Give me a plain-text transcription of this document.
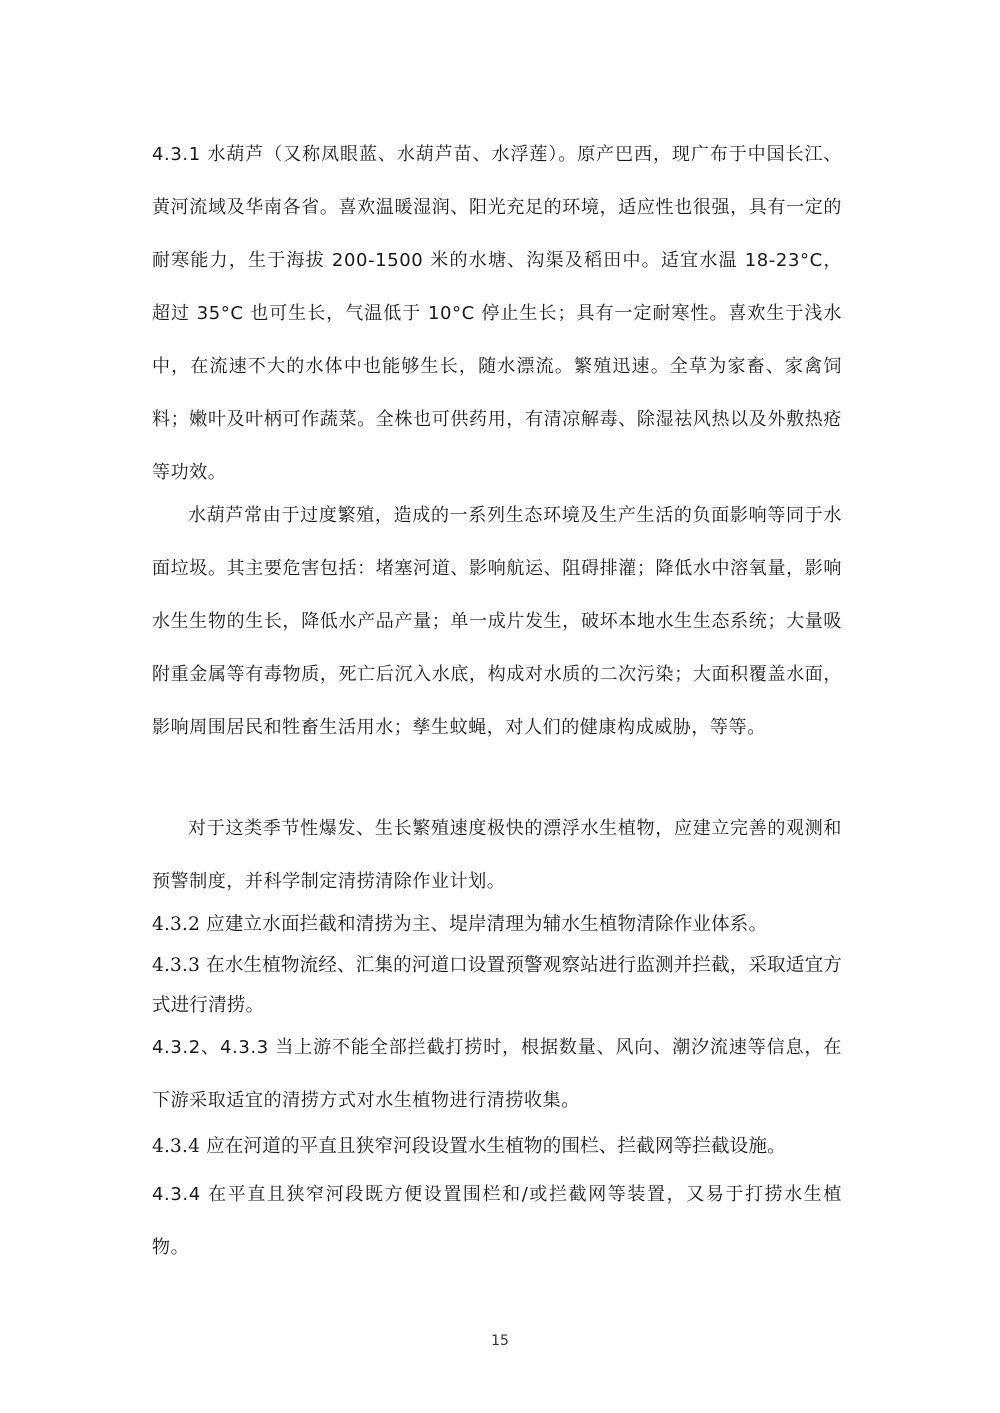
4.3.1 水葫芦（又称凤眼蓝、水葫芦苗、水浮莲）。原产巴西，现广布于中国长江、黄河流域及华南各省。喜欢温暖湿润、阳光充足的环境，适应性也很强，具有一定的耐寒能力，生于海拔 200-1500 米的水塘、沟渠及稻田中。适宜水温 18-23°C，超过 35°C 也可生长，气温低于 10°C 停止生长；具有一定耐寒性。喜欢生于浅水中，在流速不大的水体中也能够生长，随水漂流。繁殖迅速。全草为家畜、家禽饲料；嫩叶及叶柄可作蔬菜。全株也可供药用，有清凉解毒、除湿祛风热以及外敷热疮等功效。

水葫芦常由于过度繁殖，造成的一系列生态环境及生产生活的负面影响等同于水面垃圾。其主要危害包括：堵塞河道、影响航运、阻碍排灌；降低水中溶氧量，影响水生生物的生长，降低水产品产量；单一成片发生，破坏本地水生生态系统；大量吸附重金属等有毒物质，死亡后沉入水底，构成对水质的二次污染；大面积覆盖水面，影响周围居民和牲畜生活用水；孳生蚊蝇，对人们的健康构成威胁，等等。

对于这类季节性爆发、生长繁殖速度极快的漂浮水生植物，应建立完善的观测和预警制度，并科学制定清捞清除作业计划。

4.3.2 应建立水面拦截和清捞为主、堤岸清理为辅水生植物清除作业体系。

4.3.3 在水生植物流经、汇集的河道口设置预警观察站进行监测并拦截，采取适宜方式进行清捞。

4.3.2、4.3.3 当上游不能全部拦截打捞时，根据数量、风向、潮汐流速等信息，在下游采取适宜的清捞方式对水生植物进行清捞收集。

4.3.4 应在河道的平直且狭窄河段设置水生植物的围栏、拦截网等拦截设施。

4.3.4 在平直且狭窄河段既方便设置围栏和/或拦截网等装置，又易于打捞水生植物。

15
